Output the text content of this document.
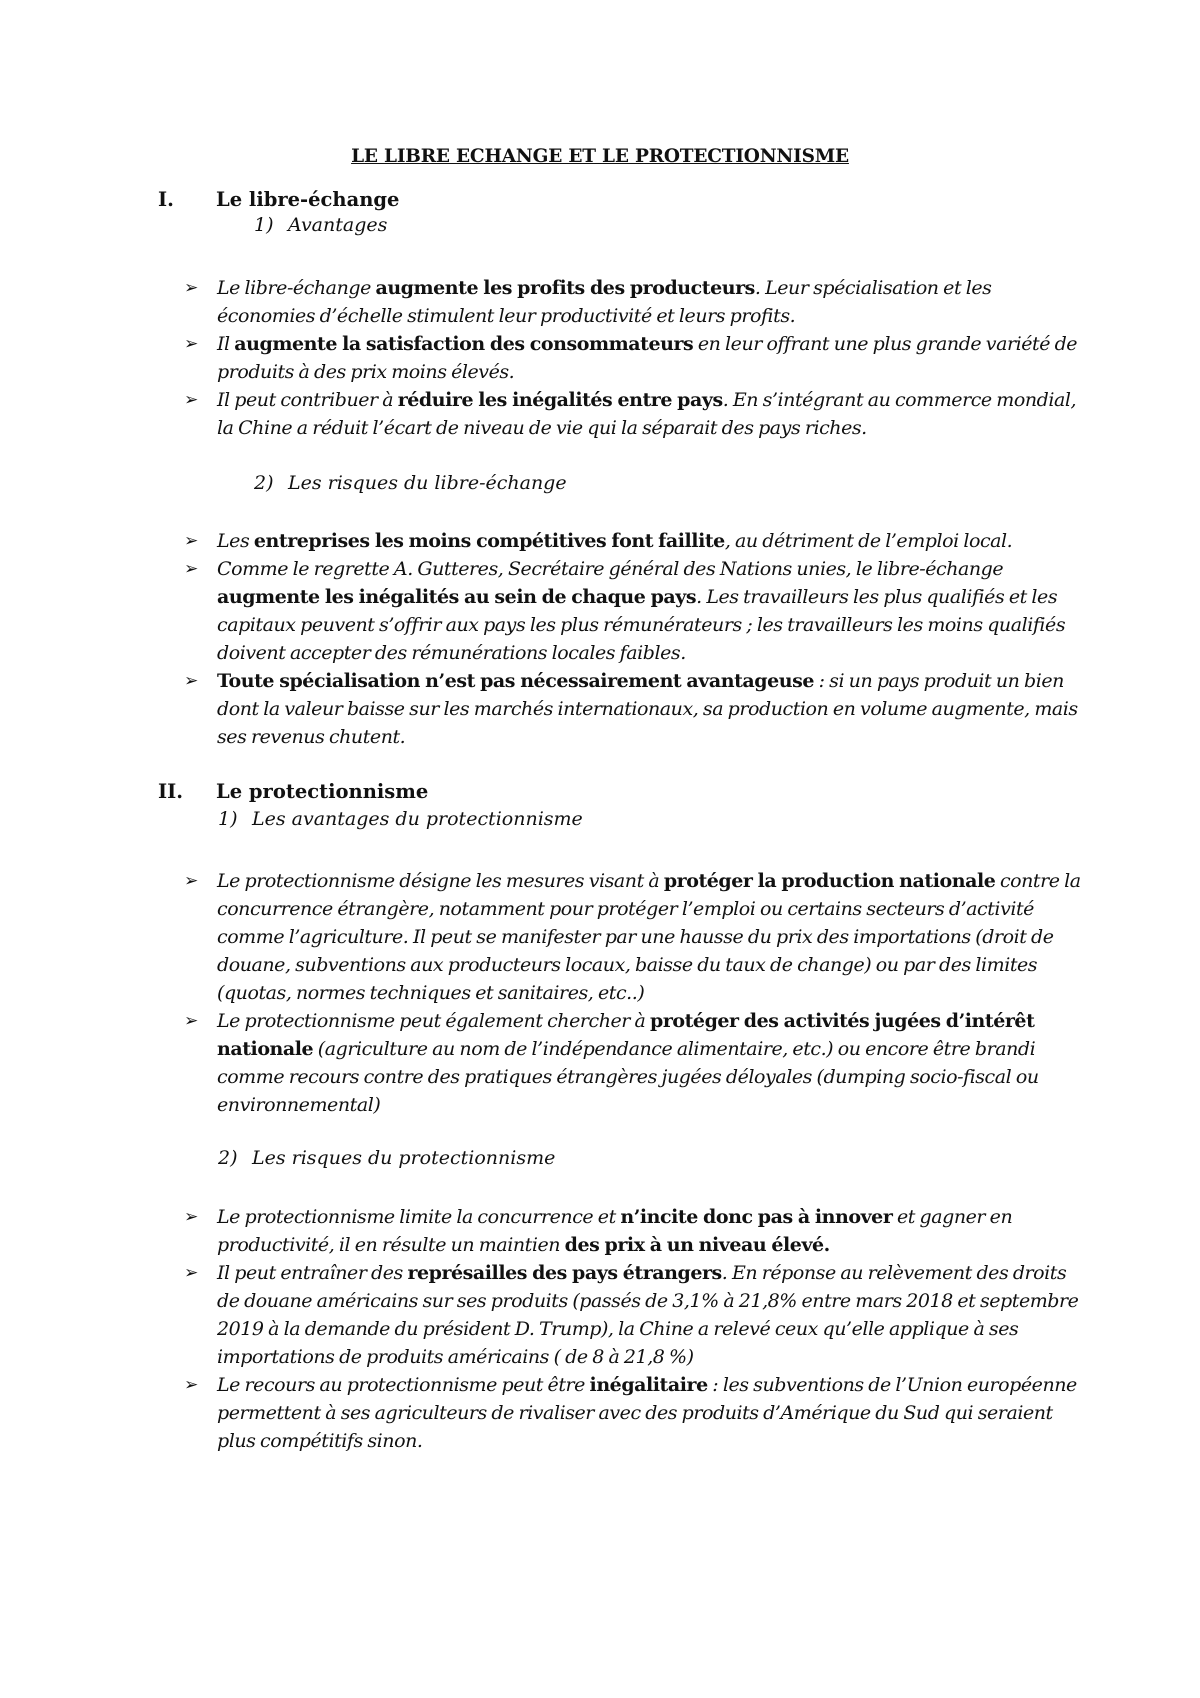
LE LIBRE ECHANGE ET LE PROTECTIONNISME
I. Le libre-échange
1) Avantages
➢ Le libre-échange augmente les profits des producteurs. Leur spécialisation et les économies d’échelle stimulent leur productivité et leurs profits.
➢ Il augmente la satisfaction des consommateurs en leur offrant une plus grande variété de produits à des prix moins élevés.
➢ Il peut contribuer à réduire les inégalités entre pays. En s’intégrant au commerce mondial, la Chine a réduit l’écart de niveau de vie qui la séparait des pays riches.
2) Les risques du libre-échange
➢ Les entreprises les moins compétitives font faillite, au détriment de l’emploi local.
➢ Comme le regrette A. Gutteres, Secrétaire général des Nations unies, le libre-échange augmente les inégalités au sein de chaque pays. Les travailleurs les plus qualifiés et les capitaux peuvent s’offrir aux pays les plus rémunérateurs ; les travailleurs les moins qualifiés doivent accepter des rémunérations locales faibles.
➢ Toute spécialisation n’est pas nécessairement avantageuse : si un pays produit un bien dont la valeur baisse sur les marchés internationaux, sa production en volume augmente, mais ses revenus chutent.
II. Le protectionnisme
1) Les avantages du protectionnisme
➢ Le protectionnisme désigne les mesures visant à protéger la production nationale contre la concurrence étrangère, notamment pour protéger l’emploi ou certains secteurs d’activité comme l’agriculture. Il peut se manifester par une hausse du prix des importations (droit de douane, subventions aux producteurs locaux, baisse du taux de change) ou par des limites (quotas, normes techniques et sanitaires, etc..)
➢ Le protectionnisme peut également chercher à protéger des activités jugées d’intérêt nationale (agriculture au nom de l’indépendance alimentaire, etc.) ou encore être brandi comme recours contre des pratiques étrangères jugées déloyales (dumping socio-fiscal ou environnemental)
2) Les risques du protectionnisme
➢ Le protectionnisme limite la concurrence et n’incite donc pas à innover et gagner en productivité, il en résulte un maintien des prix à un niveau élevé.
➢ Il peut entraîner des représailles des pays étrangers. En réponse au relèvement des droits de douane américains sur ses produits (passés de 3,1% à 21,8% entre mars 2018 et septembre 2019 à la demande du président D. Trump), la Chine a relevé ceux qu’elle applique à ses importations de produits américains ( de 8 à 21,8 %)
➢ Le recours au protectionnisme peut être inégalitaire : les subventions de l’Union européenne permettent à ses agriculteurs de rivaliser avec des produits d’Amérique du Sud qui seraient plus compétitifs sinon.
